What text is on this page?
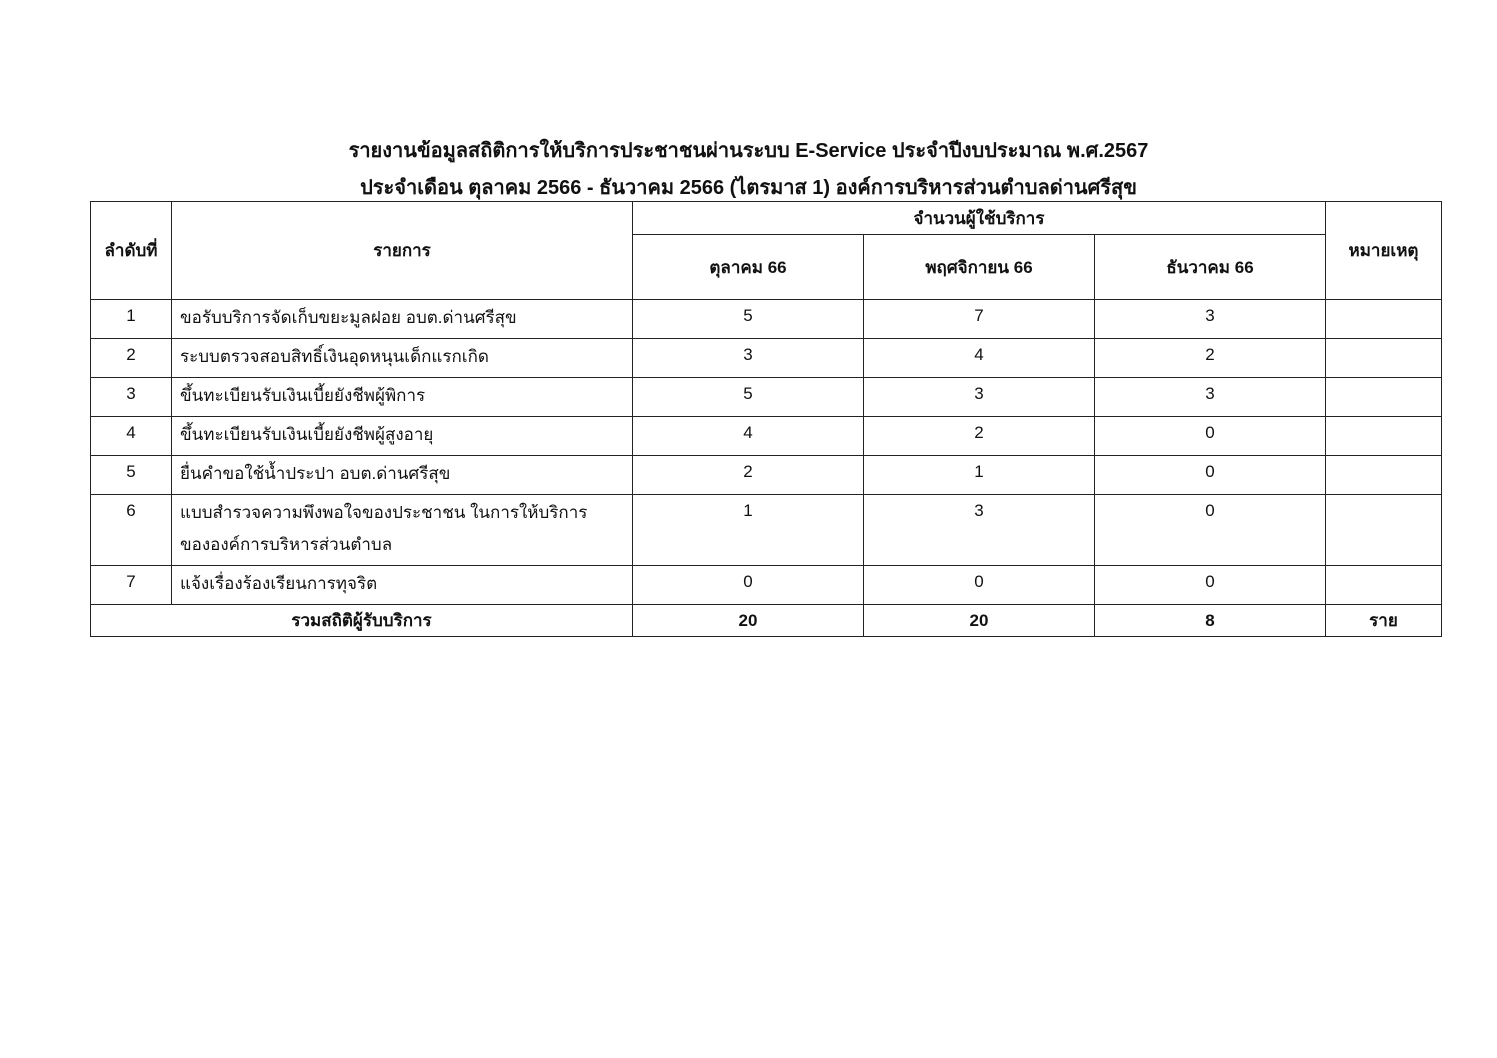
รายงานข้อมูลสถิติการให้บริการประชาชนผ่านระบบ E-Service ประจำปีงบประมาณ พ.ศ.2567
ประจำเดือน ตุลาคม 2566 - ธันวาคม 2566 (ไตรมาส 1) องค์การบริหารส่วนตำบลด่านศรีสุข
ลำดับที่	รายการ	จำนวนผู้ใช้บริการ			หมายเหตุ
		ตุลาคม 66	พฤศจิกายน 66	ธันวาคม 66	
1	ขอรับบริการจัดเก็บขยะมูลฝอย อบต.ด่านศรีสุข	5	7	3	
2	ระบบตรวจสอบสิทธิ์เงินอุดหนุนเด็กแรกเกิด	3	4	2	
3	ขึ้นทะเบียนรับเงินเบี้ยยังชีพผู้พิการ	5	3	3	
4	ขึ้นทะเบียนรับเงินเบี้ยยังชีพผู้สูงอายุ	4	2	0	
5	ยื่นคำขอใช้น้ำประปา อบต.ด่านศรีสุข	2	1	0	
6	แบบสำรวจความพึงพอใจของประชาชน ในการให้บริการ
ขององค์การบริหารส่วนตำบล	1	3	0	
7	แจ้งเรื่องร้องเรียนการทุจริต	0	0	0	
รวมสถิติผู้รับบริการ		20	20	8	ราย
